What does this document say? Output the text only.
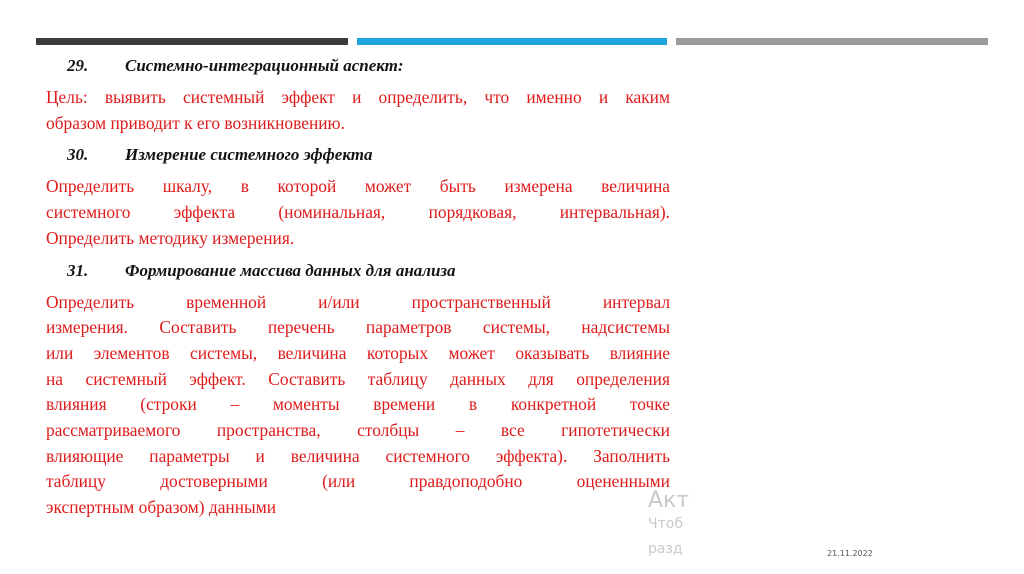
29. Системно-интеграционный аспект:
Цель: выявить системный эффект и определить, что именно и каким
образом приводит к его возникновению.
30. Измерение системного эффекта
Определить шкалу, в которой может быть измерена величина
системного эффекта (номинальная, порядковая, интервальная).
Определить методику измерения.
31. Формирование массива данных для анализа
Определить временной и/или пространственный интервал
измерения. Составить перечень параметров системы, надсистемы
или элементов системы, величина которых может оказывать влияние
на системный эффект. Составить таблицу данных для определения
влияния (строки – моменты времени в конкретной точке
рассматриваемого пространства, столбцы – все гипотетически
влияющие параметры и величина системного эффекта). Заполнить
таблицу достоверными (или правдоподобно оцененными
экспертным образом) данными	Акт
Чтоб
разд	21.11.2022
